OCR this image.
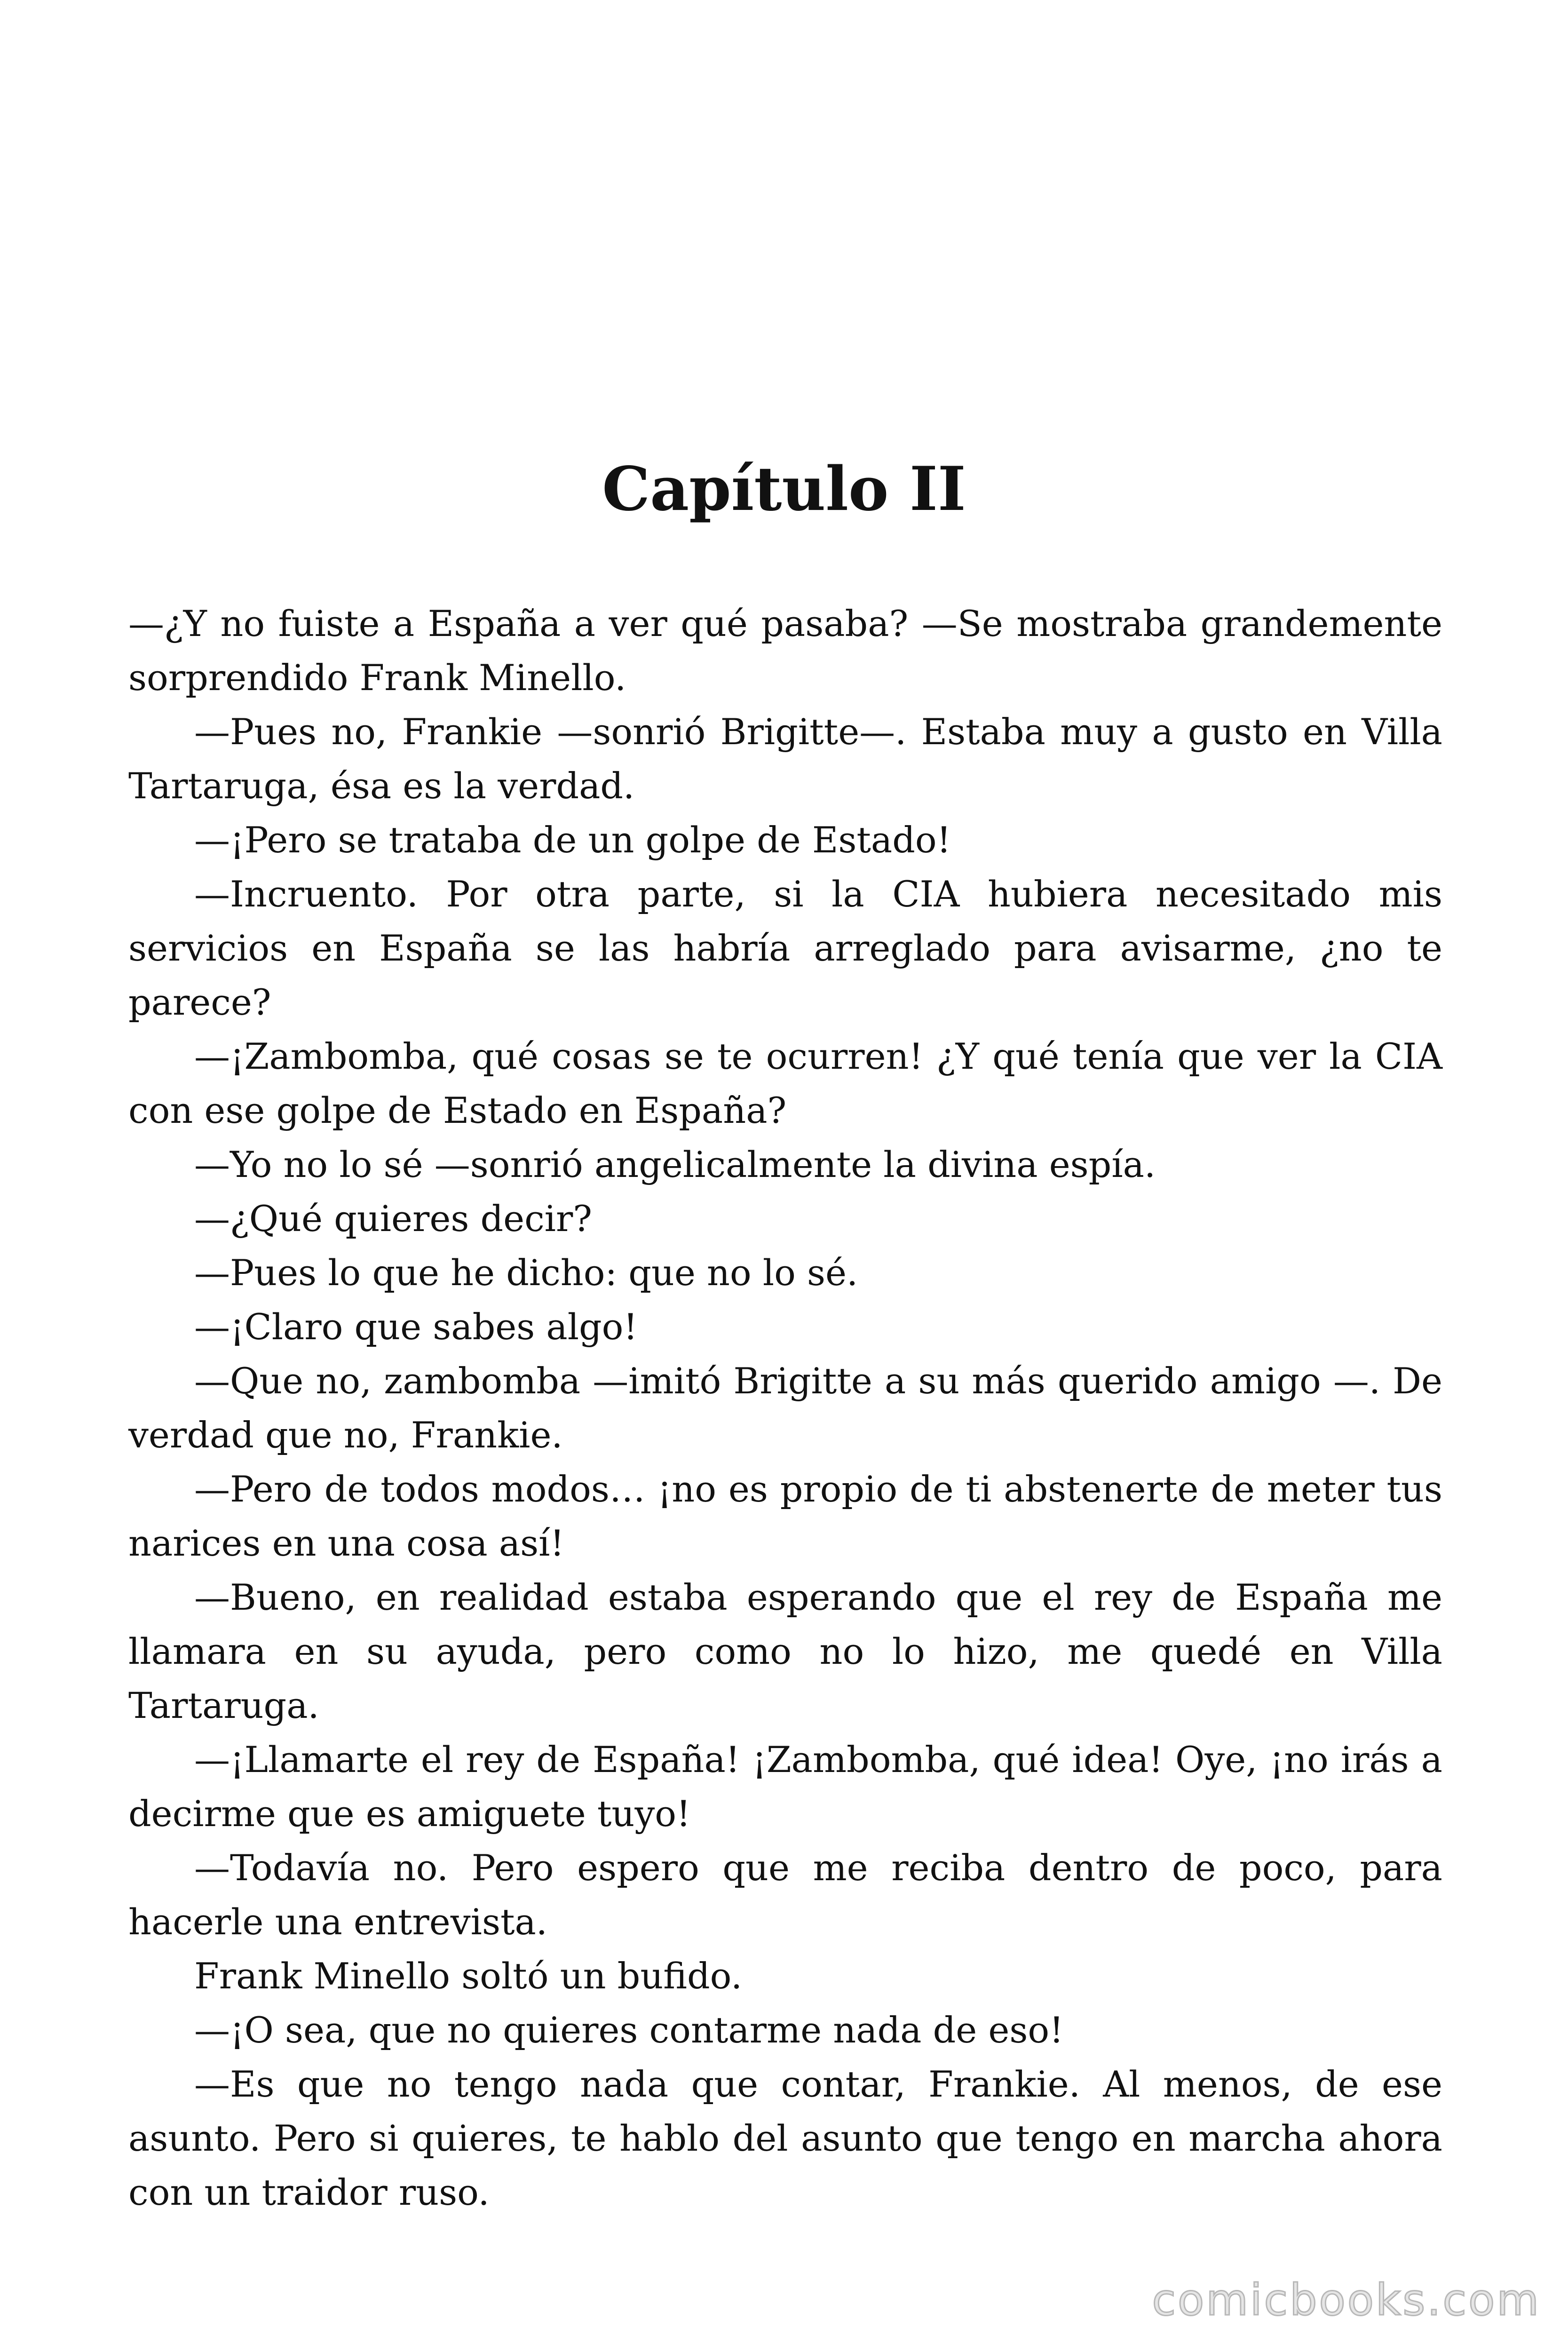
Capítulo II

—¿Y no fuiste a España a ver qué pasaba? —Se mostraba grandemente sorprendido Frank Minello.

—Pues no, Frankie —sonrió Brigitte—. Estaba muy a gusto en Villa Tartaruga, ésa es la verdad.

—¡Pero se trataba de un golpe de Estado!

—Incruento. Por otra parte, si la CIA hubiera necesitado mis servicios en España se las habría arreglado para avisarme, ¿no te parece?

—¡Zambomba, qué cosas se te ocurren! ¿Y qué tenía que ver la CIA con ese golpe de Estado en España?

—Yo no lo sé —sonrió angelicalmente la divina espía.

—¿Qué quieres decir?

—Pues lo que he dicho: que no lo sé.

—¡Claro que sabes algo!

—Que no, zambomba —imitó Brigitte a su más querido amigo —. De verdad que no, Frankie.

—Pero de todos modos… ¡no es propio de ti abstenerte de meter tus narices en una cosa así!

—Bueno, en realidad estaba esperando que el rey de España me llamara en su ayuda, pero como no lo hizo, me quedé en Villa Tartaruga.

—¡Llamarte el rey de España! ¡Zambomba, qué idea! Oye, ¡no irás a decirme que es amiguete tuyo!

—Todavía no. Pero espero que me reciba dentro de poco, para hacerle una entrevista.

Frank Minello soltó un bufido.

—¡O sea, que no quieres contarme nada de eso!

—Es que no tengo nada que contar, Frankie. Al menos, de ese asunto. Pero si quieres, te hablo del asunto que tengo en marcha ahora con un traidor ruso.

comicbooks.com
